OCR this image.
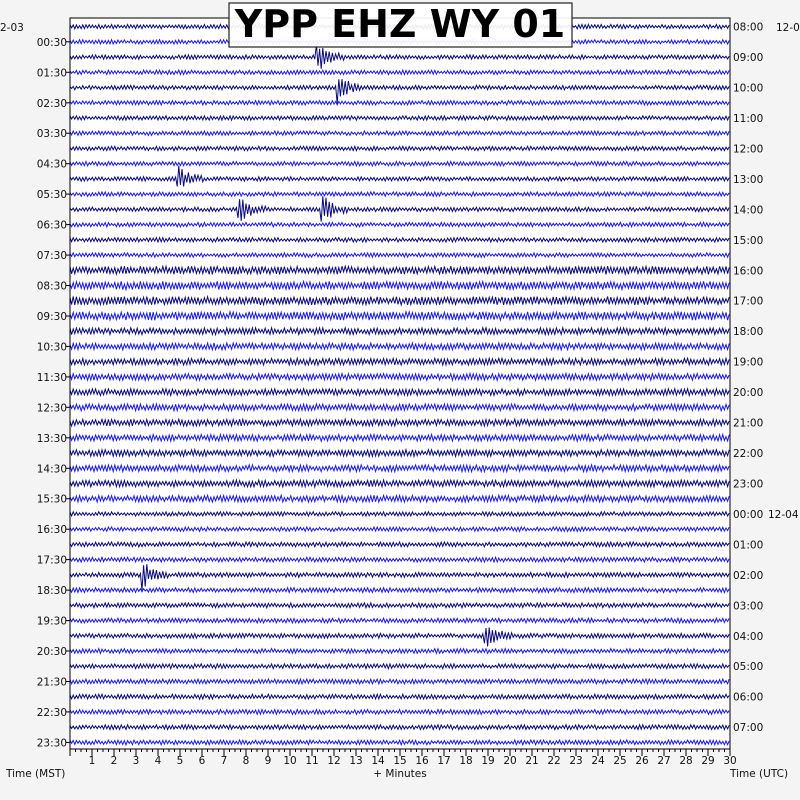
00:30
01:30
02:30
03:30
04:30
05:30
06:30
07:30
08:30
09:30
10:30
11:30
12:30
13:30
14:30
15:30
16:30
17:30
18:30
19:30
20:30
21:30
22:30
23:30
08:00
09:00
10:00
11:00
12:00
13:00
14:00
15:00
16:00
17:00
18:00
19:00
20:00
21:00
22:00
23:00
00:00 12-04
01:00
02:00
03:00
04:00
05:00
06:00
07:00
1 2 3 4 5 6 7 8 9 10 11 12 13 14 15 16 17 18 19 20 21 22 23 24 25 26 27 28 29 30
2-03	12-0
YPP EHZ WY 01
Time (MST)	+ Minutes	Time (UTC)
